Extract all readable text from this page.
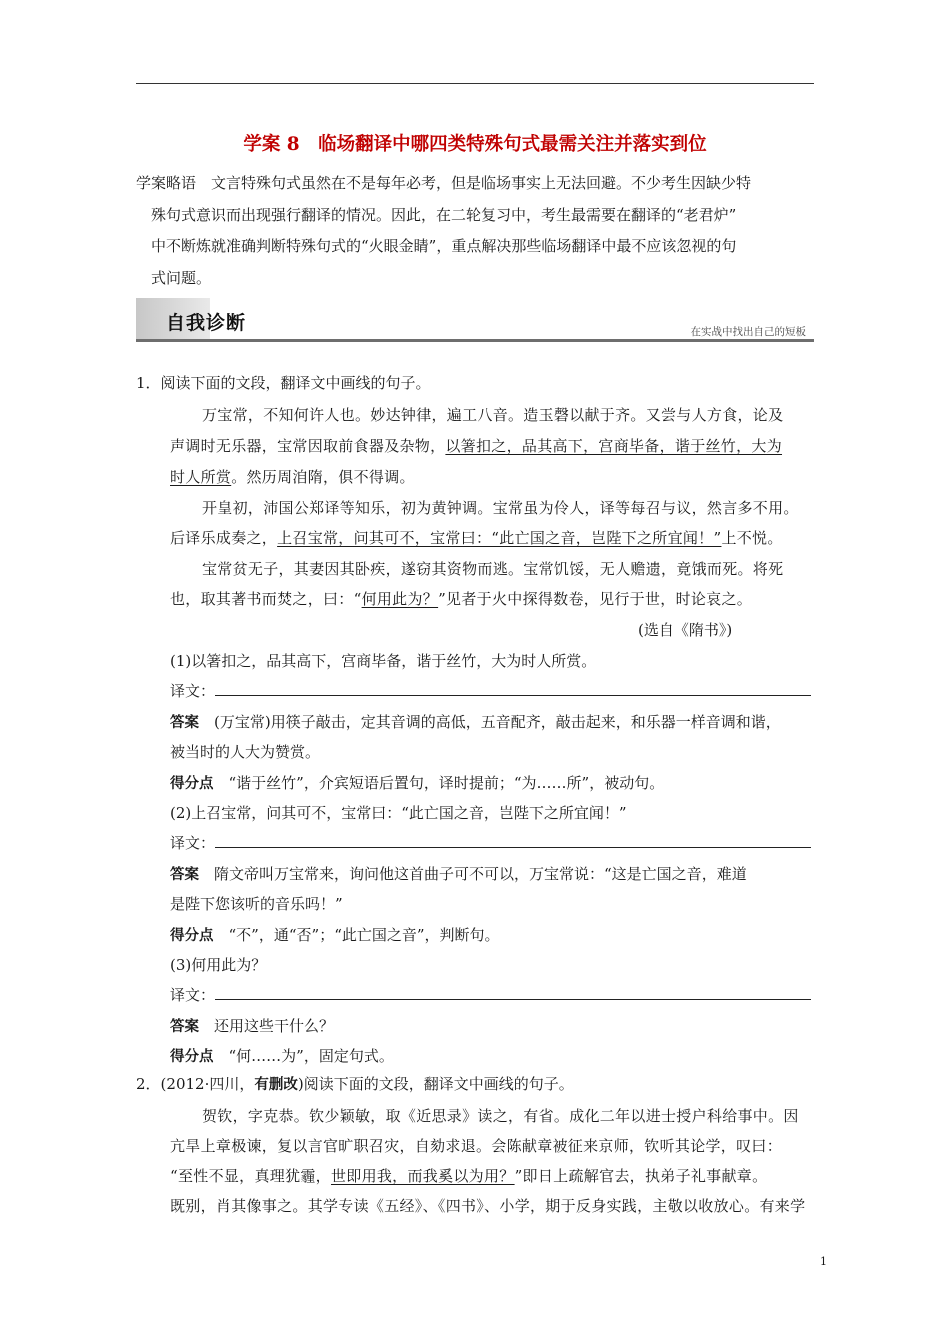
学案 8　临场翻译中哪四类特殊句式最需关注并落实到位
学案略语 文言特殊句式虽然在不是每年必考，但是临场事实上无法回避。不少考生因缺少特
殊句式意识而出现强行翻译的情况。因此，在二轮复习中，考生最需要在翻译的“老君炉”
中不断炼就准确判断特殊句式的“火眼金睛”，重点解决那些临场翻译中最不应该忽视的句
式问题。
自我诊断	在实战中找出自己的短板
1．阅读下面的文段，翻译文中画线的句子。
万宝常，不知何许人也。妙达钟律，遍工八音。造玉磬以献于齐。又尝与人方食，论及
声调时无乐器，宝常因取前食器及杂物，以箸扣之，品其高下，宫商毕备，谐于丝竹，大为
时人所赏。然历周洎隋，俱不得调。
开皇初，沛国公郑译等知乐，初为黄钟调。宝常虽为伶人，译等每召与议，然言多不用。
后译乐成奏之，上召宝常，问其可不，宝常曰：“此亡国之音，岂陛下之所宜闻！”上不悦。
宝常贫无子，其妻因其卧疾，遂窃其资物而逃。宝常饥馁，无人赡遗，竟饿而死。将死
也，取其著书而焚之，曰：“何用此为？”见者于火中探得数卷，见行于世，时论哀之。
(选自《隋书》)
(1)以箸扣之，品其高下，宫商毕备，谐于丝竹，大为时人所赏。
译文：
答案　 (万宝常)用筷子敲击，定其音调的高低，五音配齐，敲击起来，和乐器一样音调和谐，
被当时的人大为赞赏。
得分点　 “谐于丝竹”，介宾短语后置句，译时提前；“为……所”，被动句。
(2)上召宝常，问其可不，宝常曰：“此亡国之音，岂陛下之所宜闻！”
译文：
答案　 隋文帝叫万宝常来，询问他这首曲子可不可以，万宝常说：“这是亡国之音，难道
是陛下您该听的音乐吗！”
得分点　 “不”，通“否”；“此亡国之音”，判断句。
(3)何用此为？
译文：
答案　 还用这些干什么？
得分点　 “何……为”，固定句式。
2．(2012·四川，有删改)阅读下面的文段，翻译文中画线的句子。
贺钦，字克恭。钦少颖敏，取《近思录》读之，有省。成化二年以进士授户科给事中。因
亢旱上章极谏，复以言官旷职召灾，自劾求退。会陈献章被征来京师，钦听其论学，叹曰：
“至性不显，真理犹霾，世即用我，而我奚以为用？”即日上疏解官去，执弟子礼事献章。
既别，肖其像事之。其学专读《五经》、《四书》、小学，期于反身实践，主敬以收放心。有来学
1
